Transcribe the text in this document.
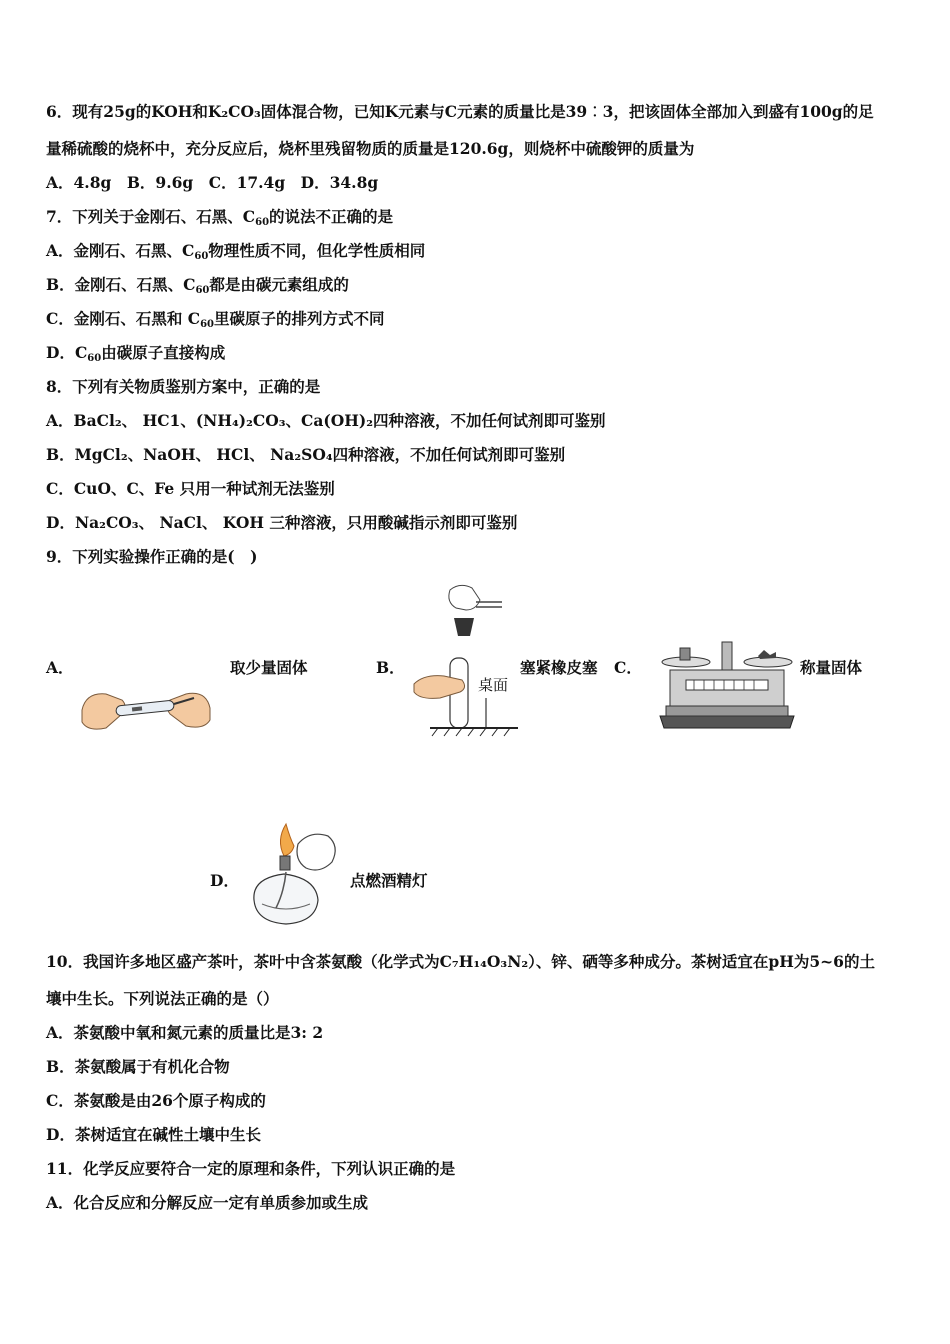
6．现有25g的KOH和K₂CO₃固体混合物，已知K元素与C元素的质量比是39︰3，把该固体全部加入到盛有100g的足
量稀硫酸的烧杯中，充分反应后，烧杯里残留物质的质量是120.6g，则烧杯中硫酸钾的质量为
A．4.8g　B．9.6g　C．17.4g　D．34.8g
7．下列关于金刚石、石黑、$C_{60}$的说法不正确的是
A．金刚石、石黑、$C_{60}$物理性质不同，但化学性质相同
B．金刚石、石黑、$C_{60}$都是由碳元素组成的
C．金刚石、石黑和 $C_{60}$里碳原子的排列方式不同
D．$C_{60}$由碳原子直接构成
8．下列有关物质鉴别方案中，正确的是
A．BaCl₂、 HC1、(NH₄)₂CO₃、Ca(OH)₂四种溶液，不加任何试剂即可鉴别
B．MgCl₂、NaOH、 HCl、 Na₂SO₄四种溶液，不加任何试剂即可鉴别
C．CuO、C、Fe 只用一种试剂无法鉴别
D．Na₂CO₃、 NaCl、 KOH 三种溶液，只用酸碱指示剂即可鉴别
9．下列实验操作正确的是(　)
A．	取少量固体	B．
桌面
塞紧橡皮塞 C．	称量固体
D．	点燃酒精灯
10．我国许多地区盛产茶叶，茶叶中含茶氨酸（化学式为C₇H₁₄O₃N₂）、锌、硒等多种成分。茶树适宜在pH为5~6的土
壤中生长。下列说法正确的是（）
A．茶氨酸中氧和氮元素的质量比是3: 2
B．茶氨酸属于有机化合物
C．茶氨酸是由26个原子构成的
D．茶树适宜在碱性土壤中生长
11．化学反应要符合一定的原理和条件，下列认识正确的是
A．化合反应和分解反应一定有单质参加或生成
